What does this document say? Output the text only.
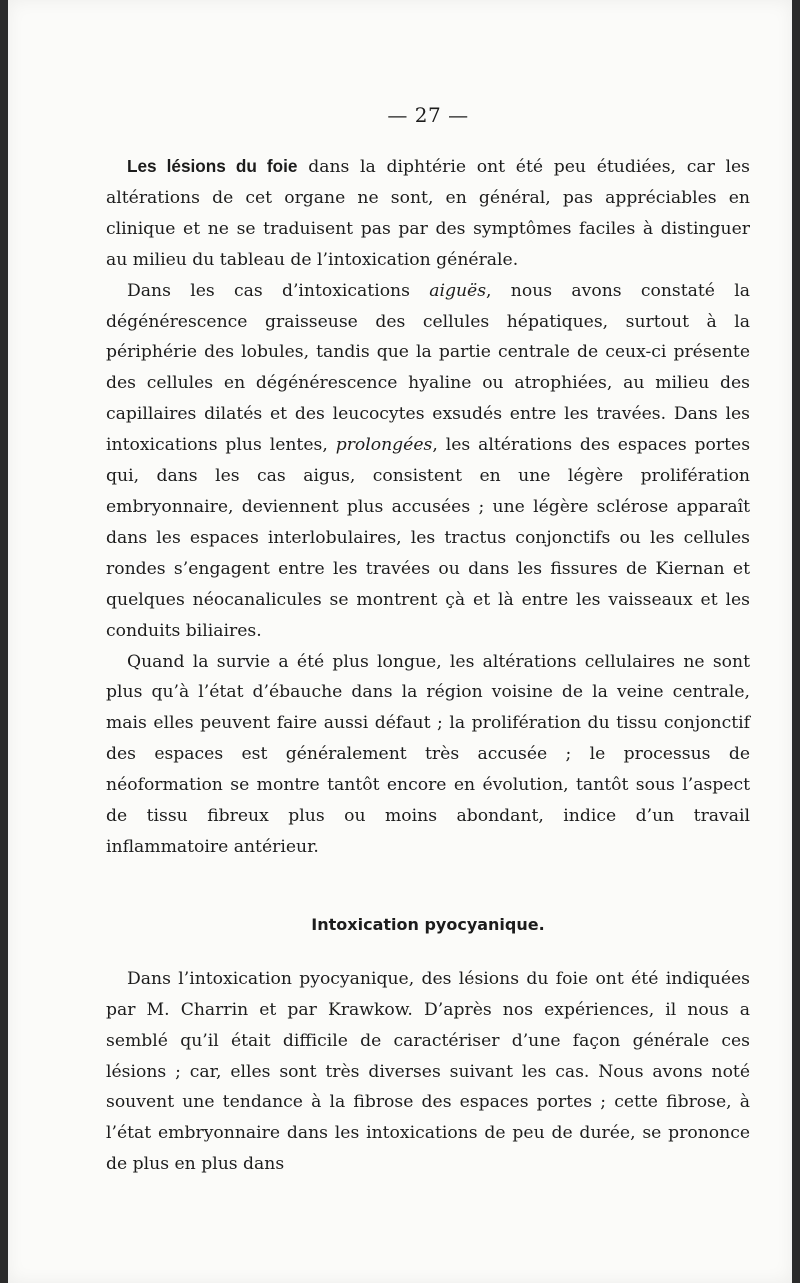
— 27 —

Les lésions du foie dans la diphtérie ont été peu étudiées, car les altérations de cet organe ne sont, en général, pas appréciables en clinique et ne se traduisent pas par des symptômes faciles à distinguer au milieu du tableau de l’intoxication générale.

Dans les cas d’intoxications aiguës, nous avons constaté la dégénérescence graisseuse des cellules hépatiques, surtout à la périphérie des lobules, tandis que la partie centrale de ceux-ci présente des cellules en dégénérescence hyaline ou atrophiées, au milieu des capillaires dilatés et des leucocytes exsudés entre les travées. Dans les intoxications plus lentes, prolongées, les altérations des espaces portes qui, dans les cas aigus, consistent en une légère prolifération embryonnaire, deviennent plus accusées ; une légère sclérose apparaît dans les espaces interlobulaires, les tractus conjonctifs ou les cellules rondes s’engagent entre les travées ou dans les fissures de Kiernan et quelques néocanalicules se montrent çà et là entre les vaisseaux et les conduits biliaires.

Quand la survie a été plus longue, les altérations cellulaires ne sont plus qu’à l’état d’ébauche dans la région voisine de la veine centrale, mais elles peuvent faire aussi défaut ; la prolifération du tissu conjonctif des espaces est généralement très accusée ; le processus de néoformation se montre tantôt encore en évolution, tantôt sous l’aspect de tissu fibreux plus ou moins abondant, indice d’un travail inflammatoire antérieur.

Intoxication pyocyanique.

Dans l’intoxication pyocyanique, des lésions du foie ont été indiquées par M. Charrin et par Krawkow. D’après nos expériences, il nous a semblé qu’il était difficile de caractériser d’une façon générale ces lésions ; car, elles sont très diverses suivant les cas. Nous avons noté souvent une tendance à la fibrose des espaces portes ; cette fibrose, à l’état embryonnaire dans les intoxications de peu de durée, se prononce de plus en plus dans
